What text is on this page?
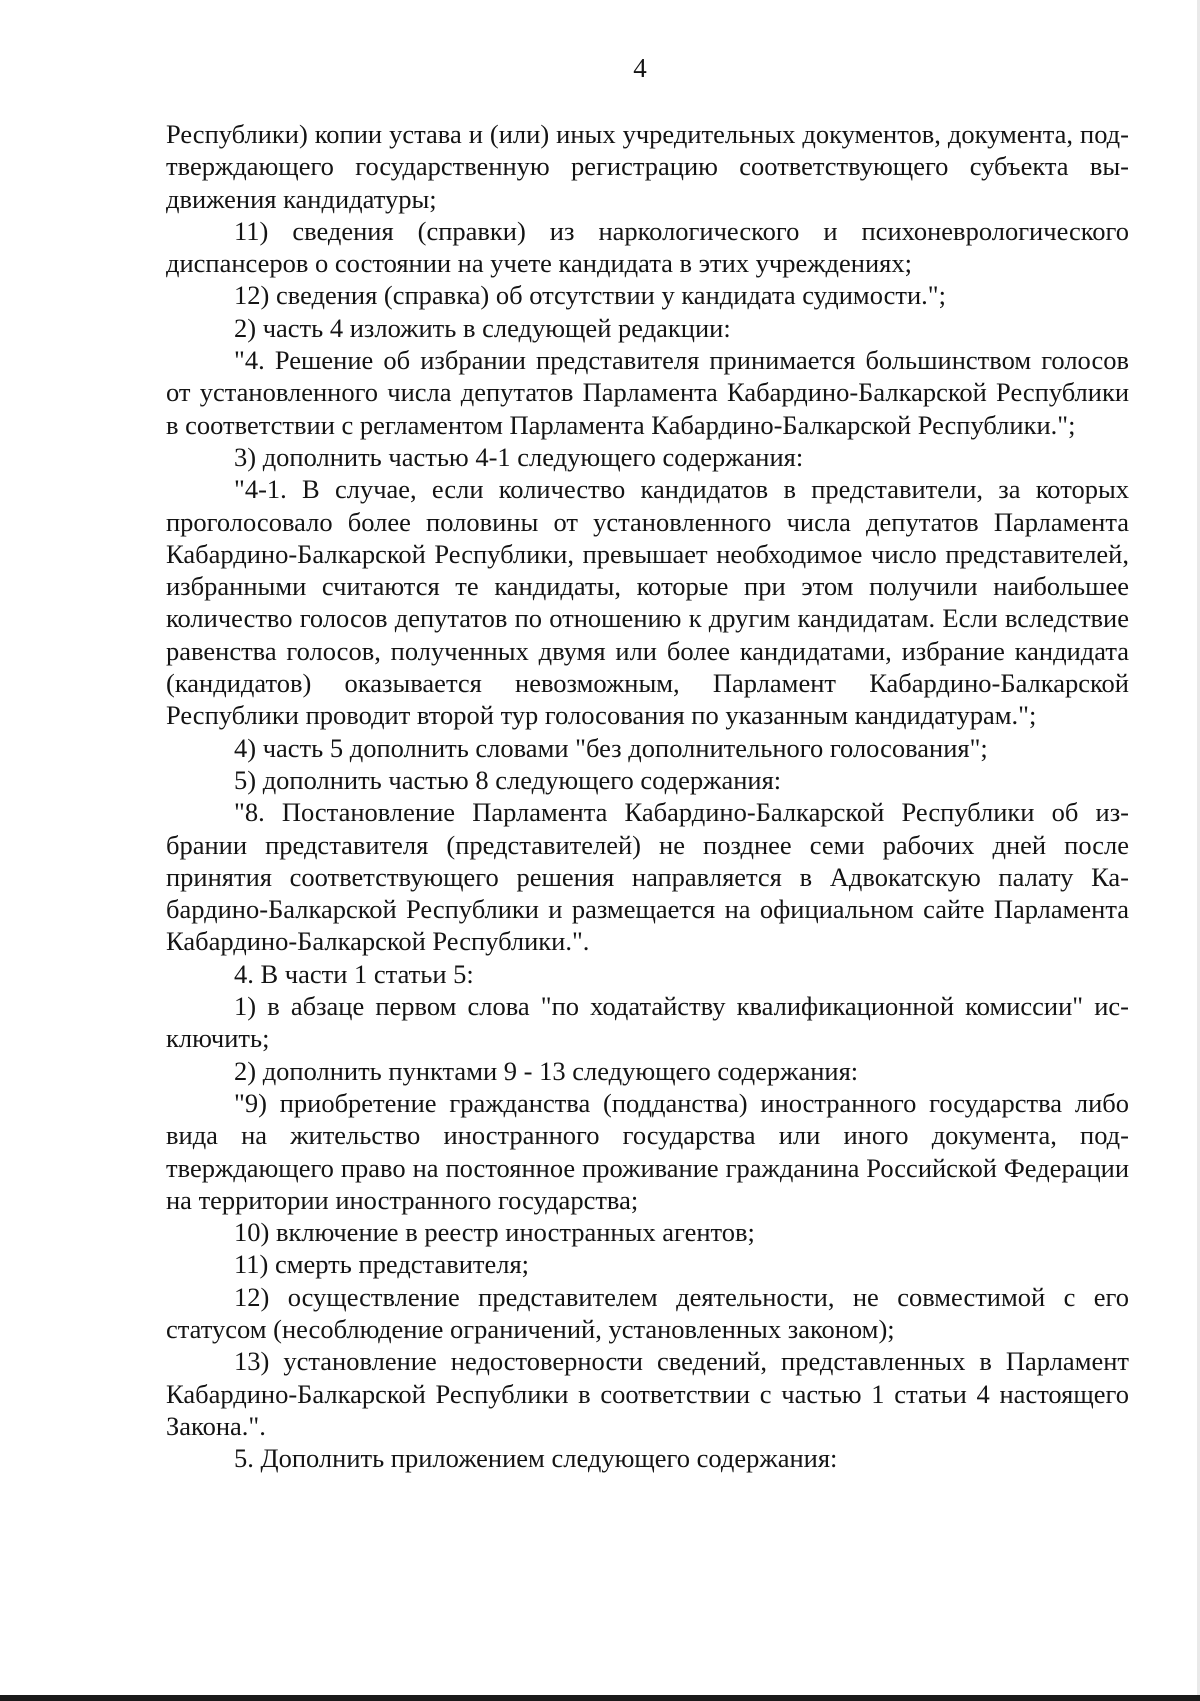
4

Республики) копии устава и (или) иных учредительных документов, документа, подтверждающего государственную регистрацию соответствующего субъекта выдвижения кандидатуры;

11) сведения (справки) из наркологического и психоневрологического диспансеров о состоянии на учете кандидата в этих учреждениях;

12) сведения (справка) об отсутствии у кандидата судимости.";

2) часть 4 изложить в следующей редакции:

"4. Решение об избрании представителя принимается большинством голосов от установленного числа депутатов Парламента Кабардино-Балкарской Республики в соответствии с регламентом Парламента Кабардино-Балкарской Республики.";

3) дополнить частью 4-1 следующего содержания:

"4-1. В случае, если количество кандидатов в представители, за которых проголосовало более половины от установленного числа депутатов Парламента Кабардино-Балкарской Республики, превышает необходимое число представителей, избранными считаются те кандидаты, которые при этом получили наибольшее количество голосов депутатов по отношению к другим кандидатам. Если вследствие равенства голосов, полученных двумя или более кандидатами, избрание кандидата (кандидатов) оказывается невозможным, Парламент Кабардино-Балкарской Республики проводит второй тур голосования по указанным кандидатурам.";

4) часть 5 дополнить словами "без дополнительного голосования";

5) дополнить частью 8 следующего содержания:

"8. Постановление Парламента Кабардино-Балкарской Республики об избрании представителя (представителей) не позднее семи рабочих дней после принятия соответствующего решения направляется в Адвокатскую палату Кабардино-Балкарской Республики и размещается на официальном сайте Парламента Кабардино-Балкарской Республики.".

4. В части 1 статьи 5:

1) в абзаце первом слова "по ходатайству квалификационной комиссии" исключить;

2) дополнить пунктами 9 - 13 следующего содержания:

"9) приобретение гражданства (подданства) иностранного государства либо вида на жительство иностранного государства или иного документа, подтверждающего право на постоянное проживание гражданина Российской Федерации на территории иностранного государства;

10) включение в реестр иностранных агентов;

11) смерть представителя;

12) осуществление представителем деятельности, не совместимой с его статусом (несоблюдение ограничений, установленных законом);

13) установление недостоверности сведений, представленных в Парламент Кабардино-Балкарской Республики в соответствии с частью 1 статьи 4 настоящего Закона.".

5. Дополнить приложением следующего содержания:
